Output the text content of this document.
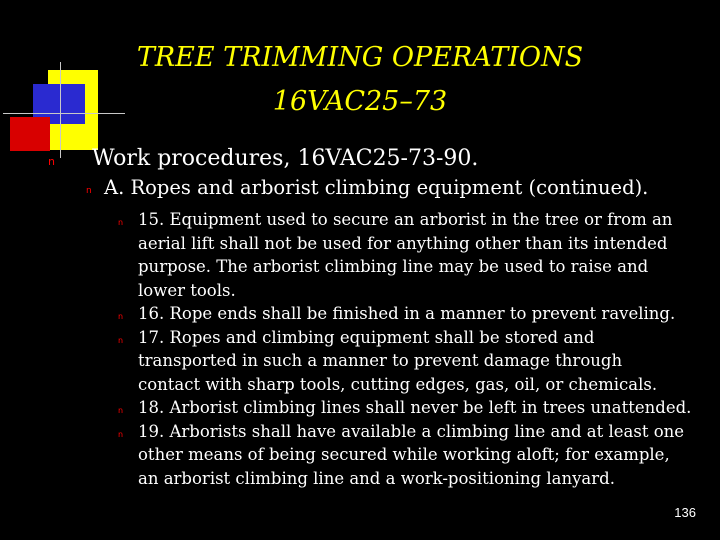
TREE TRIMMING OPERATIONS
16VAC25–73
n Work procedures, 16VAC25-73-90.
n A. Ropes and arborist climbing equipment (continued).
n 15. Equipment used to secure an arborist in the tree or from an
aerial lift shall not be used for anything other than its intended
purpose. The arborist climbing line may be used to raise and
lower tools.
n 16. Rope ends shall be finished in a manner to prevent raveling.
n 17. Ropes and climbing equipment shall be stored and
transported in such a manner to prevent damage through
contact with sharp tools, cutting edges, gas, oil, or chemicals.
n 18. Arborist climbing lines shall never be left in trees unattended.
n 19. Arborists shall have available a climbing line and at least one
other means of being secured while working aloft; for example,
an arborist climbing line and a work-positioning lanyard.
136
